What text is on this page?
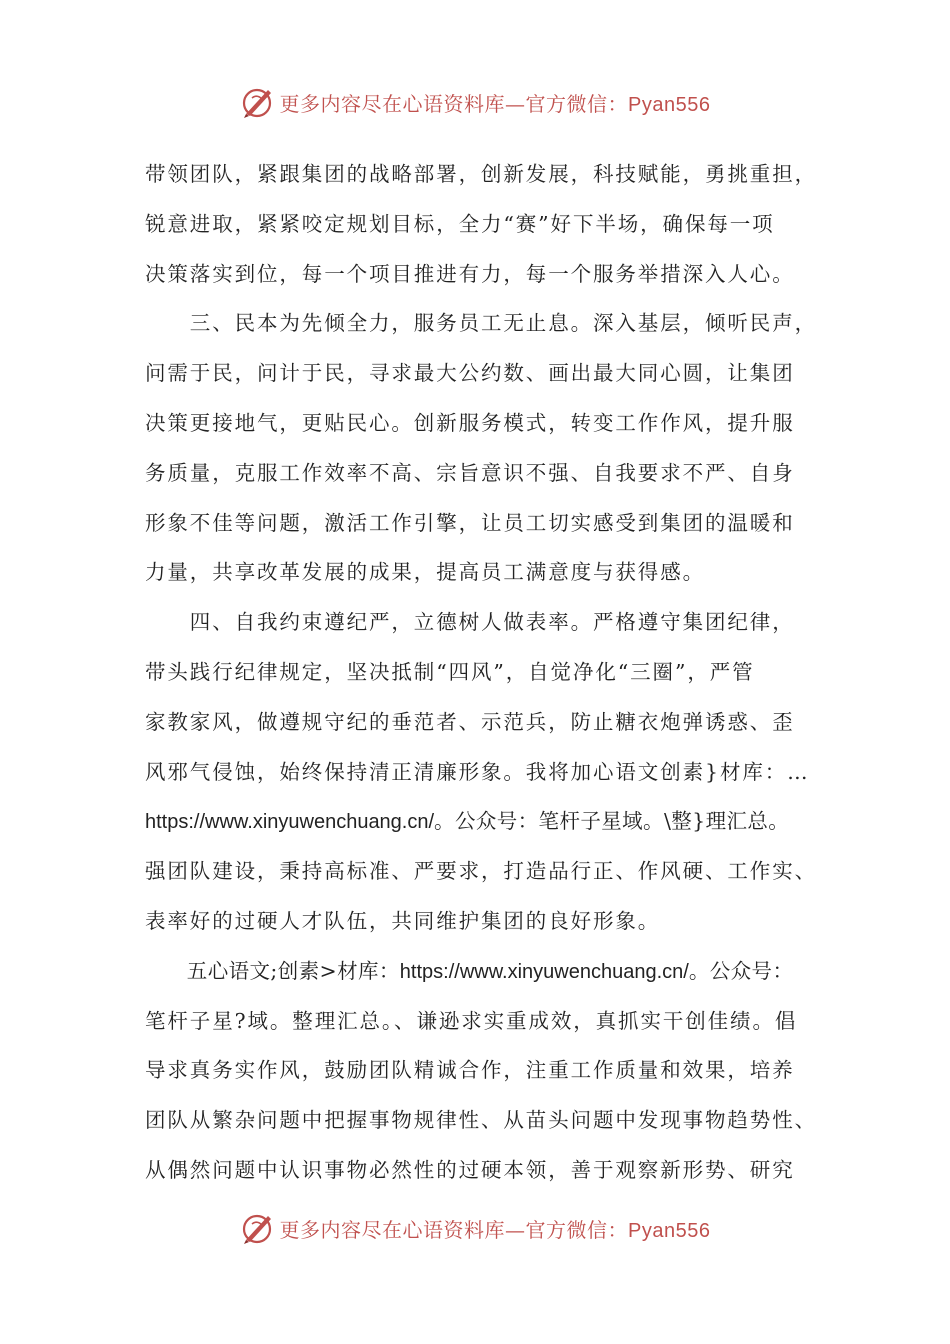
更多内容尽在心语资料库—官方微信：Pyan556
带领团队，紧跟集团的战略部署，创新发展，科技赋能，勇挑重担，
锐意进取，紧紧咬定规划目标，全力“赛”好下半场，确保每一项
决策落实到位，每一个项目推进有力，每一个服务举措深入人心。
　　三、民本为先倾全力，服务员工无止息。深入基层，倾听民声，
问需于民，问计于民，寻求最大公约数、画出最大同心圆，让集团
决策更接地气，更贴民心。创新服务模式，转变工作作风，提升服
务质量，克服工作效率不高、宗旨意识不强、自我要求不严、自身
形象不佳等问题，激活工作引擎，让员工切实感受到集团的温暖和
力量，共享改革发展的成果，提高员工满意度与获得感。
　　四、自我约束遵纪严，立德树人做表率。严格遵守集团纪律，
带头践行纪律规定，坚决抵制“四风”，自觉净化“三圈”，严管
家教家风，做遵规守纪的垂范者、示范兵，防止糖衣炮弹诱惑、歪
风邪气侵蚀，始终保持清正清廉形象。我将加心语文创素}材库：…
https://www.xinyuwenchuang.cn/。公众号：笔杆子星域。\整}理汇总。
强团队建设，秉持高标准、严要求，打造品行正、作风硬、工作实、
表率好的过硬人才队伍，共同维护集团的良好形象。
　　五心语文;创素>材库：https://www.xinyuwenchuang.cn/。公众号：
笔杆子星?域。整理汇总。、谦逊求实重成效，真抓实干创佳绩。倡
导求真务实作风，鼓励团队精诚合作，注重工作质量和效果，培养
团队从繁杂问题中把握事物规律性、从苗头问题中发现事物趋势性、
从偶然问题中认识事物必然性的过硬本领，善于观察新形势、研究
更多内容尽在心语资料库—官方微信：Pyan556
